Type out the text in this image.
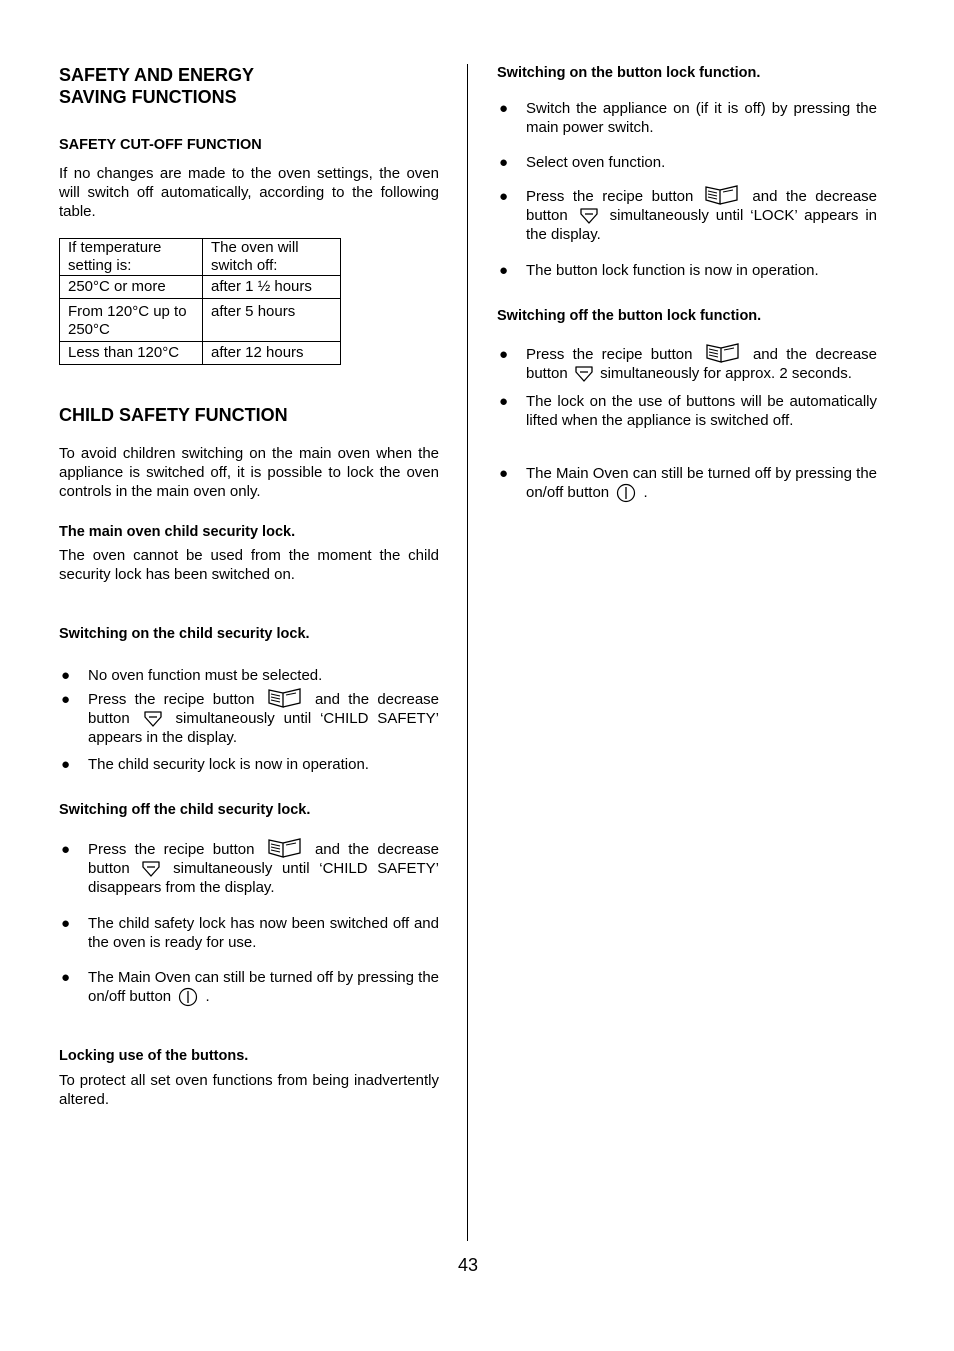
SAFETY AND ENERGY
SAVING FUNCTIONS
SAFETY CUT-OFF FUNCTION
If no changes are made to the oven settings, the oven will switch off automatically, according to the following table.
If temperature setting is:	The oven will switch off:
250°C or more	after 1 ½ hours
From 120°C up to 250°C	after 5 hours
Less than 120°C	after 12 hours
CHILD SAFETY FUNCTION
To avoid children switching on the main oven when the appliance is switched off, it is possible to lock the oven controls in the main oven only.
The main oven child security lock.
The oven cannot be used from the moment the child security lock has been switched on.
Switching on the child security lock.
● No oven function must be selected.
● Press the recipe button	and the decrease button	simultaneously until ‘CHILD SAFETY’ appears in the display.
● The child security lock is now in operation.
Switching off the child security lock.
● Press the recipe button	and the decrease button	simultaneously until ‘CHILD SAFETY’ disappears from the display.
● The child safety lock has now been switched off and the oven is ready for use.
● The Main Oven can still be turned off by pressing the on/off button .
Locking use of the buttons.
To protect all set oven functions from being inadvertently altered.
Switching on the button lock function.
● Switch the appliance on (if it is off) by pressing the main power switch.
● Select oven function.
● Press the recipe button	and the decrease button	simultaneously until ‘LOCK’ appears in the display.
● The button lock function is now in operation.
Switching off the button lock function.
● Press the recipe button	and the decrease button simultaneously for approx. 2 seconds.
● The lock on the use of buttons will be automatically lifted when the appliance is switched off.
● The Main Oven can still be turned off by pressing the on/off button .
43
